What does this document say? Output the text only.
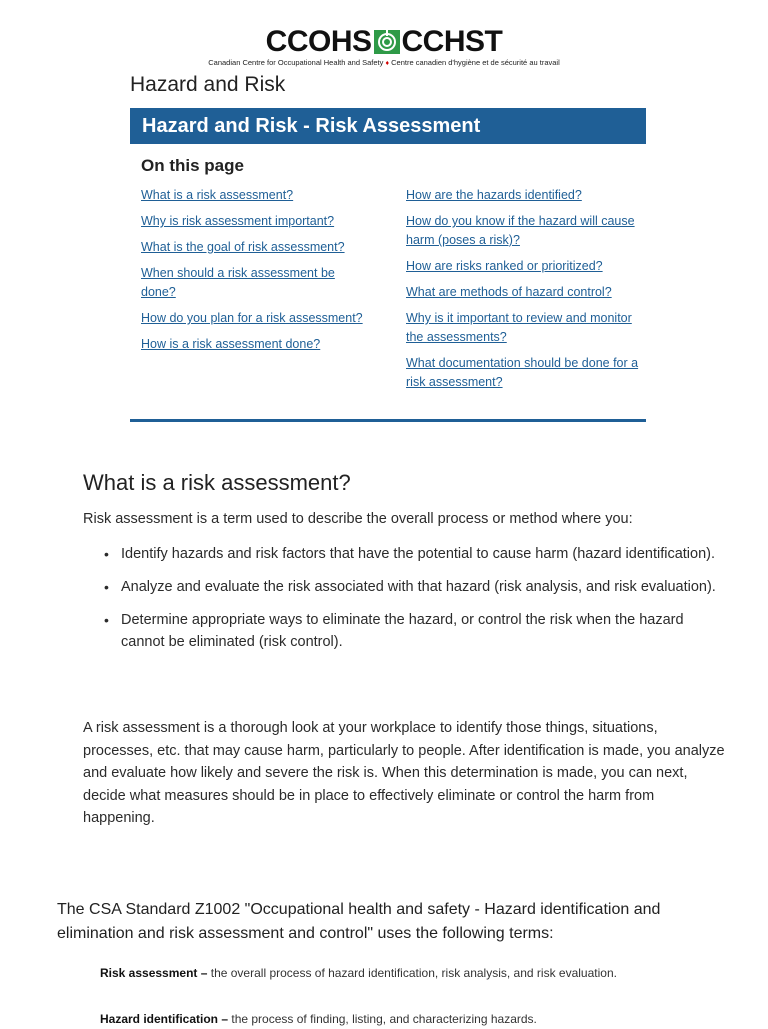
CCOHS CCHST
Canadian Centre for Occupational Health and Safety ♦ Centre canadien d'hygiène et de sécurité au travail
Hazard and Risk
Hazard and Risk - Risk Assessment
On this page
What is a risk assessment?
Why is risk assessment important?
What is the goal of risk assessment?
When should a risk assessment be done?
How do you plan for a risk assessment?
How is a risk assessment done?
How are the hazards identified?
How do you know if the hazard will cause harm (poses a risk)?
How are risks ranked or prioritized?
What are methods of hazard control?
Why is it important to review and monitor the assessments?
What documentation should be done for a risk assessment?
What is a risk assessment?
Risk assessment is a term used to describe the overall process or method where you:
• Identify hazards and risk factors that have the potential to cause harm (hazard identification).
• Analyze and evaluate the risk associated with that hazard (risk analysis, and risk evaluation).
• Determine appropriate ways to eliminate the hazard, or control the risk when the hazard cannot be eliminated (risk control).
A risk assessment is a thorough look at your workplace to identify those things, situations, processes, etc. that may cause harm, particularly to people. After identification is made, you analyze and evaluate how likely and severe the risk is. When this determination is made, you can next, decide what measures should be in place to effectively eliminate or control the harm from happening.
The CSA Standard Z1002 "Occupational health and safety - Hazard identification and elimination and risk assessment and control" uses the following terms:
Risk assessment – the overall process of hazard identification, risk analysis, and risk evaluation.
Hazard identification – the process of finding, listing, and characterizing hazards.
